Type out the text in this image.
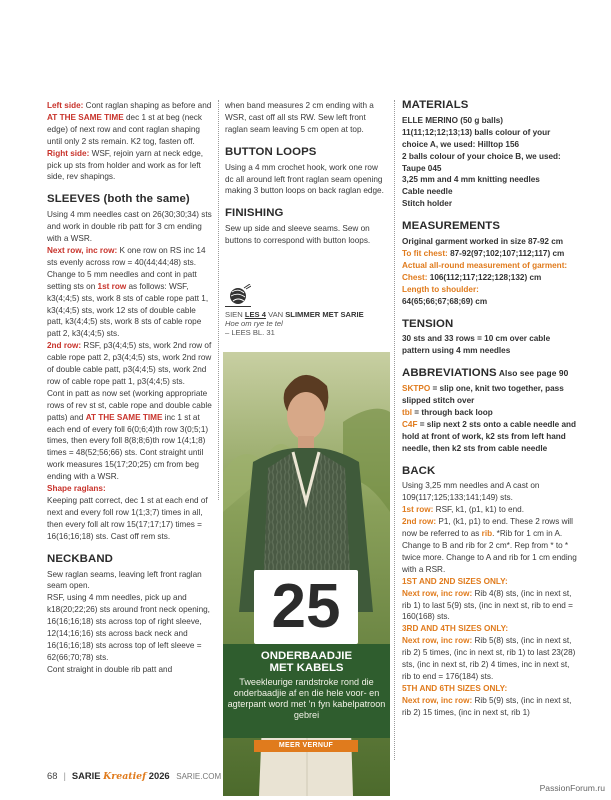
Left side: Cont raglan shaping as before and AT THE SAME TIME dec 1 st at beg (neck edge) of next row and cont raglan shaping until only 2 sts remain. K2 tog, fasten off.

Right side: WSF, rejoin yarn at neck edge, pick up sts from holder and work as for left side, rev shapings.

SLEEVES (both the same)

Using 4 mm needles cast on 26(30;30;34) sts and work in double rib patt for 3 cm ending with a WSR.

Next row, inc row: K one row on RS inc 14 sts evenly across row = 40(44;44;48) sts.

Change to 5 mm needles and cont in patt setting sts on 1st row as follows: WSF, k3(4;4;5) sts, work 8 sts of cable rope patt 1, k3(4;4;5) sts, work 12 sts of double cable patt, k3(4;4;5) sts, work 8 sts of cable rope patt 2, k3(4;4;5) sts.

2nd row: RSF, p3(4;4;5) sts, work 2nd row of cable rope patt 2, p3(4;4;5) sts, work 2nd row of double cable patt, p3(4;4;5) sts, work 2nd row of cable rope patt 1, p3(4;4;5) sts.

Cont in patt as now set (working appropriate rows of rev st st, cable rope and double cable patts) and AT THE SAME TIME inc 1 st at each end of every foll 6(0;6;4)th row 3(0;5;1) times, then every foll 8(8;8;6)th row 1(4;1;8) times = 48(52;56;66) sts. Cont straight until work measures 15(17;20;25) cm from beg ending with a WSR.

Shape raglans:

Keeping patt correct, dec 1 st at each end of next and every foll row 1(1;3;7) times in all, then every foll alt row 15(17;17;17) times = 16(16;16;18) sts. Cast off rem sts.

NECKBAND

Sew raglan seams, leaving left front raglan seam open.

RSF, using 4 mm needles, pick up and k18(20;22;26) sts around front neck opening, 16(16;16;18) sts across top of right sleeve, 12(14;16;16) sts across back neck and 16(16;16;18) sts across top of left sleeve = 62(66;70;78) sts.

Cont straight in double rib patt and

when band measures 2 cm ending with a WSR, cast off all sts RW. Sew left front raglan seam leaving 5 cm open at top.

BUTTON LOOPS

Using a 4 mm crochet hook, work one row dc all around left front raglan seam opening making 3 button loops on back raglan edge.

FINISHING

Sew up side and sleeve seams. Sew on buttons to correspond with button loops.

SIEN LES 4 VAN SLIMMER MET SARIE
Hoe om rye te tel
– LEES BL. 31
25
ONDERBAADJIE
MET KABELS
Tweekleurige randstroke rond die onderbaadjie af en die hele voor- en agterpant word met ’n fyn kabelpatroon gebrei
MEER VERNUF
MATERIALS
ELLE MERINO (50 g balls)
11(11;12;12;13;13) balls colour of your choice A, we used: Hilltop 156
2 balls colour of your choice B, we used: Taupe 045
3,25 mm and 4 mm knitting needles
Cable needle
Stitch holder
MEASUREMENTS

Original garment worked in size 87-92 cm

To fit chest: 87-92(97;102;107;112;117) cm

Actual all-round measurement of garment:

Chest: 106(112;117;122;128;132) cm

Length to shoulder:

64(65;66;67;68;69) cm

TENSION

30 sts and 33 rows = 10 cm over cable pattern using 4 mm needles

ABBREVIATIONS Also see page 90

SKTPO = slip one, knit two together, pass slipped stitch over

tbl = through back loop

C4F = slip next 2 sts onto a cable needle and hold at front of work, k2 sts from left hand needle, then k2 sts from cable needle

BACK

Using 3,25 mm needles and A cast on 109(117;125;133;141;149) sts.

1st row: RSF, k1, (p1, k1) to end.

2nd row: P1, (k1, p1) to end. These 2 rows will now be referred to as rib. *Rib for 1 cm in A. Change to B and rib for 2 cm*. Rep from * to * twice more. Change to A and rib for 1 cm ending with a RSR.

1ST AND 2ND SIZES ONLY:

Next row, inc row: Rib 4(8) sts, (inc in next st, rib 1) to last 5(9) sts, (inc in next st, rib to end = 160(168) sts.

3RD AND 4TH SIZES ONLY:

Next row, inc row: Rib 5(8) sts, (inc in next st, rib 2) 5 times, (inc in next st, rib 1) to last 23(28) sts, (inc in next st, rib 2) 4 times, inc in next st, rib to end = 176(184) sts.

5TH AND 6TH SIZES ONLY:

Next row, inc row: Rib 5(9) sts, (inc in next st, rib 2) 15 times, (inc in next st, rib 1)

68 | SARIE Kreatief 2026 SARIE.COM
PassionForum.ru
